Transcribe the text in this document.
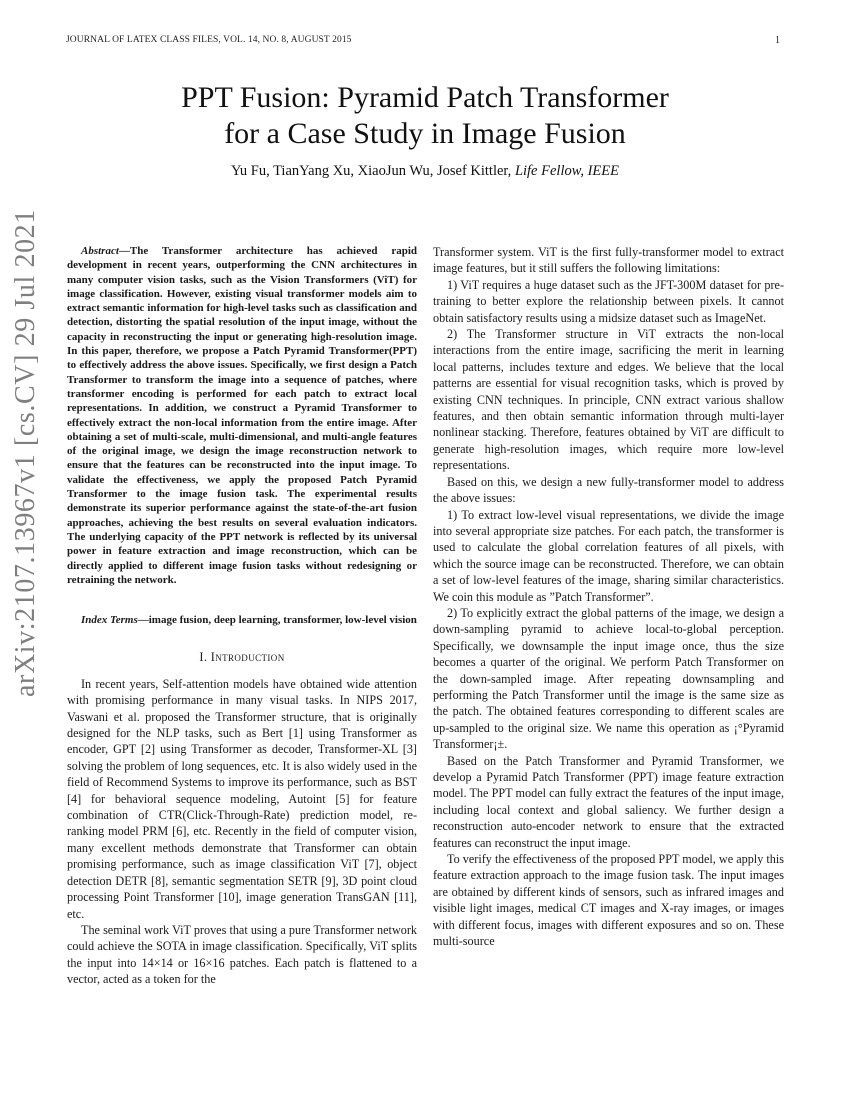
JOURNAL OF LATEX CLASS FILES, VOL. 14, NO. 8, AUGUST 2015	1
arXiv:2107.13967v1 [cs.CV] 29 Jul 2021
PPT Fusion: Pyramid Patch Transformer
for a Case Study in Image Fusion
Yu Fu, TianYang Xu, XiaoJun Wu, Josef Kittler, Life Fellow, IEEE

Abstract—The Transformer architecture has achieved rapid development in recent years, outperforming the CNN architectures in many computer vision tasks, such as the Vision Transformers (ViT) for image classification. However, existing visual transformer models aim to extract semantic information for high-level tasks such as classification and detection, distorting the spatial resolution of the input image, without the capacity in reconstructing the input or generating high-resolution image. In this paper, therefore, we propose a Patch Pyramid Transformer(PPT) to effectively address the above issues. Specifically, we first design a Patch Transformer to transform the image into a sequence of patches, where transformer encoding is performed for each patch to extract local representations. In addition, we construct a Pyramid Transformer to effectively extract the non-local information from the entire image. After obtaining a set of multi-scale, multi-dimensional, and multi-angle features of the original image, we design the image reconstruction network to ensure that the features can be reconstructed into the input image. To validate the effectiveness, we apply the proposed Patch Pyramid Transformer to the image fusion task. The experimental results demonstrate its superior performance against the state-of-the-art fusion approaches, achieving the best results on several evaluation indicators. The underlying capacity of the PPT network is reflected by its universal power in feature extraction and image reconstruction, which can be directly applied to different image fusion tasks without redesigning or retraining the network.

Index Terms—image fusion, deep learning, transformer, low-level vision

I. Introduction

In recent years, Self-attention models have obtained wide attention with promising performance in many visual tasks. In NIPS 2017, Vaswani et al. proposed the Transformer structure, that is originally designed for the NLP tasks, such as Bert [1] using Transformer as encoder, GPT [2] using Transformer as decoder, Transformer-XL [3] solving the problem of long sequences, etc. It is also widely used in the field of Recommend Systems to improve its performance, such as BST [4] for behavioral sequence modeling, Autoint [5] for feature combination of CTR(Click-Through-Rate) prediction model, re-ranking model PRM [6], etc. Recently in the field of computer vision, many excellent methods demonstrate that Transformer can obtain promising performance, such as image classification ViT [7], object detection DETR [8], semantic segmentation SETR [9], 3D point cloud processing Point Transformer [10], image generation TransGAN [11], etc.

The seminal work ViT proves that using a pure Transformer network could achieve the SOTA in image classification. Specifically, ViT splits the input into 14×14 or 16×16 patches. Each patch is flattened to a vector, acted as a token for the

Transformer system. ViT is the first fully-transformer model to extract image features, but it still suffers the following limitations:

1) ViT requires a huge dataset such as the JFT-300M dataset for pre-training to better explore the relationship between pixels. It cannot obtain satisfactory results using a midsize dataset such as ImageNet.

2) The Transformer structure in ViT extracts the non-local interactions from the entire image, sacrificing the merit in learning local patterns, includes texture and edges. We believe that the local patterns are essential for visual recognition tasks, which is proved by existing CNN techniques. In principle, CNN extract various shallow features, and then obtain semantic information through multi-layer nonlinear stacking. Therefore, features obtained by ViT are difficult to generate high-resolution images, which require more low-level representations.

Based on this, we design a new fully-transformer model to address the above issues:

1) To extract low-level visual representations, we divide the image into several appropriate size patches. For each patch, the transformer is used to calculate the global correlation features of all pixels, with which the source image can be reconstructed. Therefore, we can obtain a set of low-level features of the image, sharing similar characteristics. We coin this module as ”Patch Transformer”.

2) To explicitly extract the global patterns of the image, we design a down-sampling pyramid to achieve local-to-global perception. Specifically, we downsample the input image once, thus the size becomes a quarter of the original. We perform Patch Transformer on the down-sampled image. After repeating downsampling and performing the Patch Transformer until the image is the same size as the patch. The obtained features corresponding to different scales are up-sampled to the original size. We name this operation as ¡°Pyramid Transformer¡±.

Based on the Patch Transformer and Pyramid Transformer, we develop a Pyramid Patch Transformer (PPT) image feature extraction model. The PPT model can fully extract the features of the input image, including local context and global saliency. We further design a reconstruction auto-encoder network to ensure that the extracted features can reconstruct the input image.

To verify the effectiveness of the proposed PPT model, we apply this feature extraction approach to the image fusion task. The input images are obtained by different kinds of sensors, such as infrared images and visible light images, medical CT images and X-ray images, or images with different focus, images with different exposures and so on. These multi-source
